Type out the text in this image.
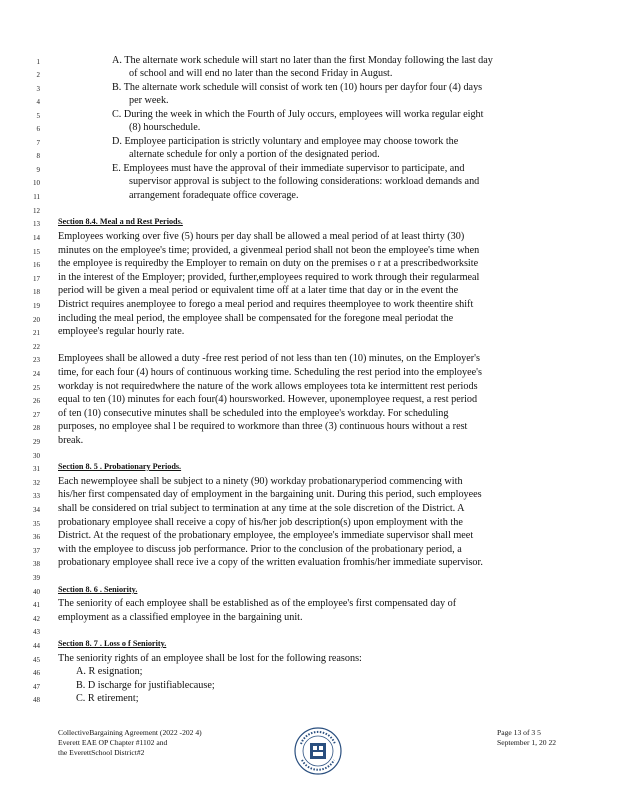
1	A. The alternate work schedule will start no later than the first Monday following the last day
2	of school and will end no later than the second Friday in August.
3	B. The alternate work schedule will consist of work ten (10) hours per dayfor four (4) days
4	per week.
5	C. During the week in which the Fourth of July occurs, employees will worka regular eight
6	(8) hourschedule.
7	D. Employee participation is strictly voluntary and employee may choose towork the
8	alternate schedule for only a portion of the designated period.
9	E. Employees must have the approval of their immediate supervisor to participate, and
10	supervisor approval is subject to the following considerations: workload demands and
11	arrangement foradequate office coverage.
12
13 Section 8.4. Meal a nd Rest Periods.
14 Employees working over five (5) hours per day shall be allowed a meal period of at least thirty (30)
15 minutes on the employee's time; provided, a givenmeal period shall not beon the employee's time when
16 the employee is requiredby the Employer to remain on duty on the premises o r at a prescribedworksite
17 in the interest of the Employer; provided, further,employees required to work through their regularmeal
18 period will be given a meal period or equivalent time off at a later time that day or in the event the
19 District requires anemployee to forego a meal period and requires theemployee to work theentire shift
20 including the meal period, the employee shall be compensated for the foregone meal periodat the
21 employee's regular hourly rate.
22
23 Employees shall be allowed a duty -free rest period of not less than ten (10) minutes, on the Employer's
24 time, for each four (4) hours of continuous working time. Scheduling the rest period into the employee's
25 workday is not requiredwhere the nature of the work allows employees tota ke intermittent rest periods
26 equal to ten (10) minutes for each four(4) hoursworked. However, uponemployee request, a rest period
27 of ten (10) consecutive minutes shall be scheduled into the employee's workday. For scheduling
28 purposes, no employee shal l be required to workmore than three (3) continuous hours without a rest
29 break.
30
31 Section 8. 5 . Probationary Periods.
32 Each newemployee shall be subject to a ninety (90) workday probationaryperiod commencing with
33 his/her first compensated day of employment in the bargaining unit. During this period, such employees
34 shall be considered on trial subject to termination at any time at the sole discretion of the District. A
35 probationary employee shall receive a copy of his/her job description(s) upon employment with the
36 District. At the request of the probationary employee, the employee's immediate supervisor shall meet
37 with the employee to discuss job performance. Prior to the conclusion of the probationary period, a
38 probationary employee shall rece ive a copy of the written evaluation fromhis/her immediate supervisor.
39
40 Section 8. 6 . Seniority.
41 The seniority of each employee shall be established as of the employee's first compensated day of
42 employment as a classified employee in the bargaining unit.
43
44 Section 8. 7 . Loss o f Seniority.
45 The seniority rights of an employee shall be lost for the following reasons:
46	A. R esignation;
47	B. D ischarge for justifiablecause;
48	C. R etirement;
CollectiveBargaining Agreement (2022 -202 4)
Everett EAE OP Chapter #1102 and
the EverettSchool District#2
Page 13 of 3 5
September 1, 20 22
